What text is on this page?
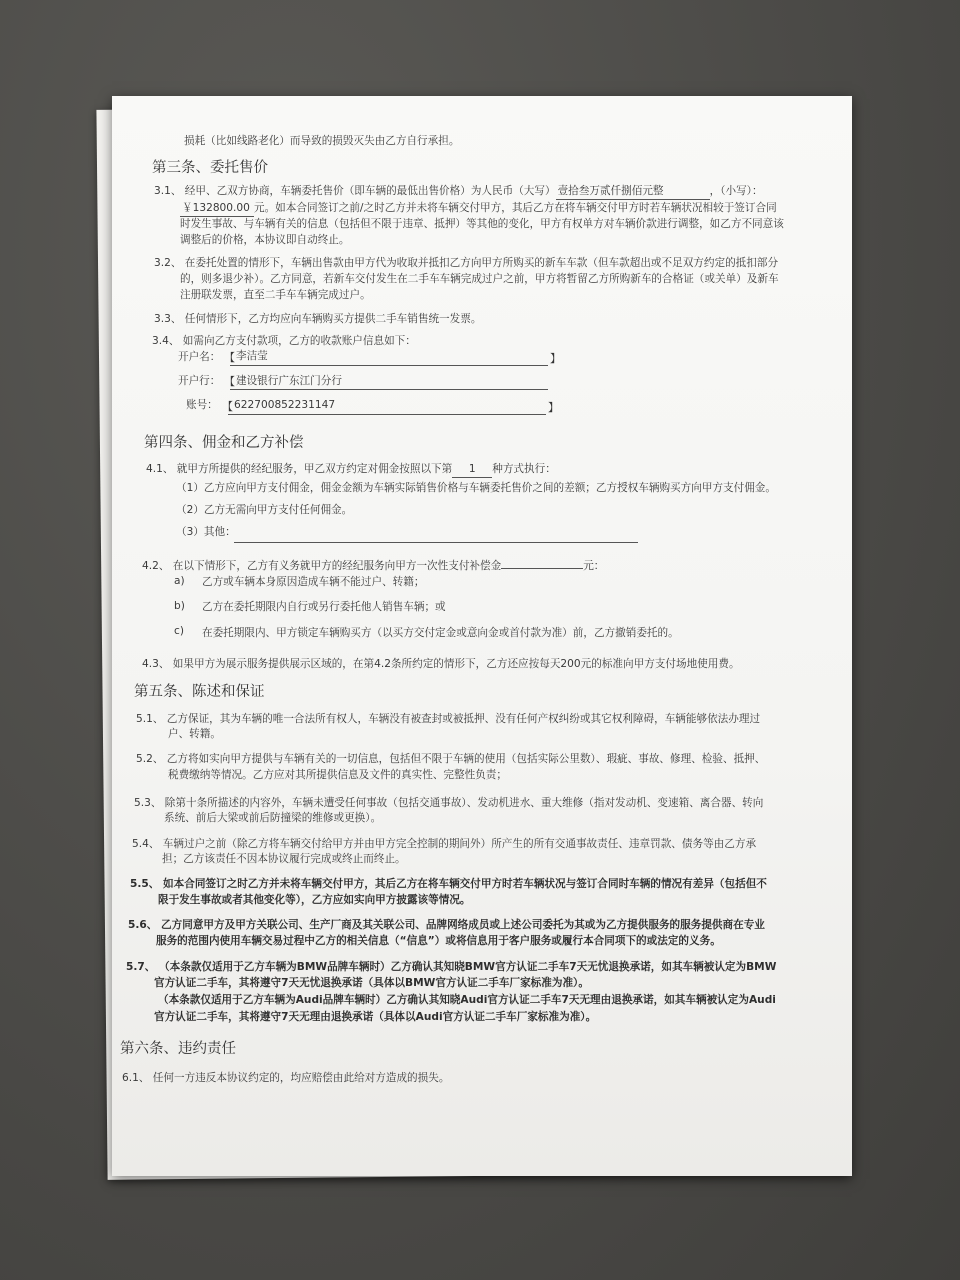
损耗（比如线路老化）而导致的损毁灭失由乙方自行承担。
第三条、委托售价
3.1、 经甲、乙双方协商，车辆委托售价（即车辆的最低出售价格）为人民币（大写） 壹拾叁万贰仟捌佰元整	，（小写）：
￥132800.00 元。如本合同签订之前/之时乙方并未将车辆交付甲方，其后乙方在将车辆交付甲方时若车辆状况相较于签订合同
时发生事故、与车辆有关的信息（包括但不限于违章、抵押）等其他的变化，甲方有权单方对车辆价款进行调整，如乙方不同意该
调整后的价格，本协议即自动终止。
3.2、 在委托处置的情形下，车辆出售款由甲方代为收取并抵扣乙方向甲方所购买的新车车款（但车款超出或不足双方约定的抵扣部分
的，则多退少补）。乙方同意，若新车交付发生在二手车车辆完成过户之前，甲方将暂留乙方所购新车的合格证（或关单）及新车
注册联发票，直至二手车车辆完成过户。
3.3、 任何情形下，乙方均应向车辆购买方提供二手车销售统一发票。
3.4、 如需向乙方支付款项，乙方的收款账户信息如下：
开户名： 【 李洁莹	】
开户行： 【 建设银行广东江门分行
账号： 【 622700852231147	】
第四条、佣金和乙方补偿
4.1、 就甲方所提供的经纪服务，甲乙双方约定对佣金按照以下第 1 种方式执行：
（1）乙方应向甲方支付佣金，佣金金额为车辆实际销售价格与车辆委托售价之间的差额；乙方授权车辆购买方向甲方支付佣金。
（2）乙方无需向甲方支付任何佣金。
（3）其他：
4.2、 在以下情形下，乙方有义务就甲方的经纪服务向甲方一次性支付补偿金	元：
a) 乙方或车辆本身原因造成车辆不能过户、转籍；
b) 乙方在委托期限内自行或另行委托他人销售车辆；或
c) 在委托期限内、甲方锁定车辆购买方（以买方交付定金或意向金或首付款为准）前，乙方撤销委托的。
4.3、 如果甲方为展示服务提供展示区域的，在第4.2条所约定的情形下，乙方还应按每天200元的标准向甲方支付场地使用费。
第五条、陈述和保证
5.1、 乙方保证，其为车辆的唯一合法所有权人，车辆没有被查封或被抵押、没有任何产权纠纷或其它权利障碍，车辆能够依法办理过
户、转籍。
5.2、 乙方将如实向甲方提供与车辆有关的一切信息，包括但不限于车辆的使用（包括实际公里数）、瑕疵、事故、修理、检验、抵押、
税费缴纳等情况。乙方应对其所提供信息及文件的真实性、完整性负责；
5.3、 除第十条所描述的内容外，车辆未遭受任何事故（包括交通事故）、发动机进水、重大维修（指对发动机、变速箱、离合器、转向
系统、前后大梁或前后防撞梁的维修或更换）。
5.4、 车辆过户之前（除乙方将车辆交付给甲方并由甲方完全控制的期间外）所产生的所有交通事故责任、违章罚款、债务等由乙方承
担；乙方该责任不因本协议履行完成或终止而终止。
5.5、 如本合同签订之时乙方并未将车辆交付甲方，其后乙方在将车辆交付甲方时若车辆状况与签订合同时车辆的情况有差异（包括但不
限于发生事故或者其他变化等），乙方应如实向甲方披露该等情况。
5.6、 乙方同意甲方及甲方关联公司、生产厂商及其关联公司、品牌网络成员或上述公司委托为其或为乙方提供服务的服务提供商在专业
服务的范围内使用车辆交易过程中乙方的相关信息（“信息”）或将信息用于客户服务或履行本合同项下的或法定的义务。
5.7、 （本条款仅适用于乙方车辆为BMW品牌车辆时）乙方确认其知晓BMW官方认证二手车7天无忧退换承诺，如其车辆被认定为BMW
官方认证二手车，其将遵守7天无忧退换承诺（具体以BMW官方认证二手车厂家标准为准）。
（本条款仅适用于乙方车辆为Audi品牌车辆时）乙方确认其知晓Audi官方认证二手车7天无理由退换承诺，如其车辆被认定为Audi
官方认证二手车，其将遵守7天无理由退换承诺（具体以Audi官方认证二手车厂家标准为准）。
第六条、违约责任
6.1、 任何一方违反本协议约定的，均应赔偿由此给对方造成的损失。
